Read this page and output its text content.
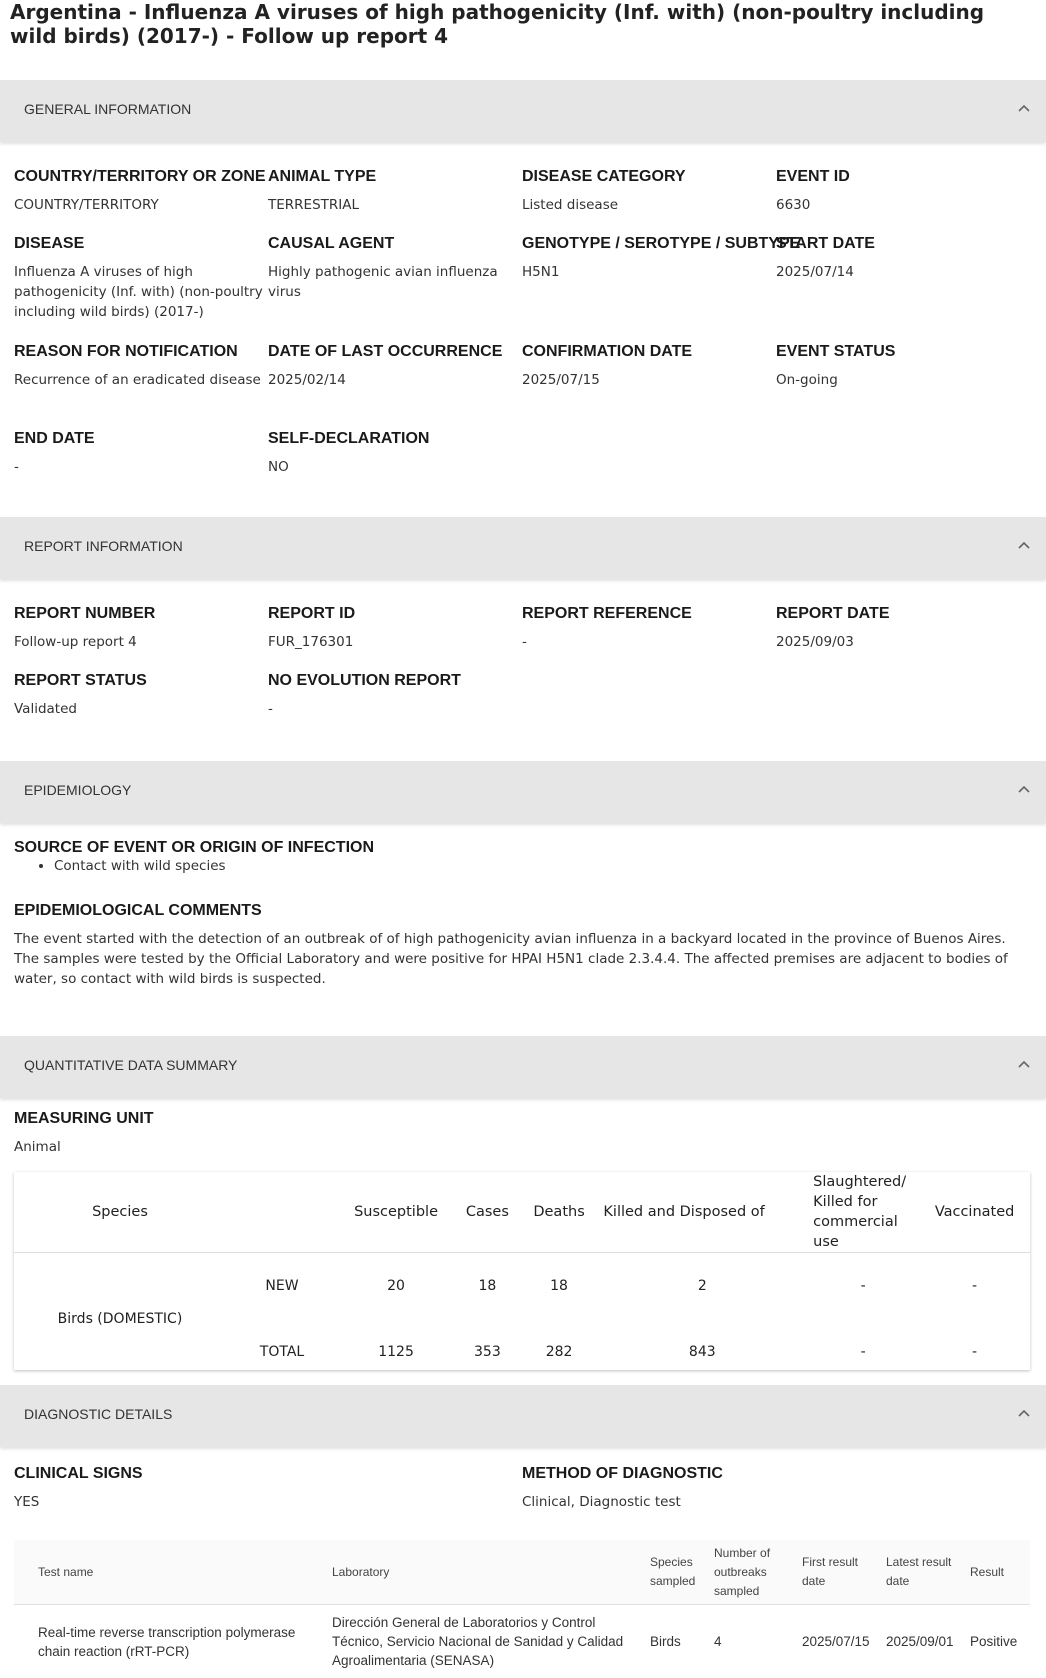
Argentina - Influenza A viruses of high pathogenicity (Inf. with) (non-poultry including wild birds) (2017-) - Follow up report 4
GENERAL INFORMATION
COUNTRY/TERRITORY OR ZONE
COUNTRY/TERRITORY
ANIMAL TYPE
TERRESTRIAL
DISEASE CATEGORY
Listed disease
EVENT ID
6630
DISEASE
Influenza A viruses of high pathogenicity (Inf. with) (non-poultry including wild birds) (2017-)
CAUSAL AGENT
Highly pathogenic avian influenza virus
GENOTYPE / SEROTYPE / SUBTYPE
H5N1
START DATE
2025/07/14
REASON FOR NOTIFICATION
Recurrence of an eradicated disease
DATE OF LAST OCCURRENCE
2025/02/14
CONFIRMATION DATE
2025/07/15
EVENT STATUS
On-going
END DATE
-
SELF-DECLARATION
NO
REPORT INFORMATION
REPORT NUMBER
Follow-up report 4
REPORT ID
FUR_176301
REPORT REFERENCE
-
REPORT DATE
2025/09/03
REPORT STATUS
Validated
NO EVOLUTION REPORT
-
EPIDEMIOLOGY
SOURCE OF EVENT OR ORIGIN OF INFECTION
• Contact with wild species
EPIDEMIOLOGICAL COMMENTS
The event started with the detection of an outbreak of of high pathogenicity avian influenza in a backyard located in the province of Buenos Aires. The samples were tested by the Official Laboratory and were positive for HPAI H5N1 clade 2.3.4.4. The affected premises are adjacent to bodies of water, so contact with wild birds is suspected.
QUANTITATIVE DATA SUMMARY
MEASURING UNIT
Animal
Species		Susceptible	Cases	Deaths	Killed and Disposed of	Slaughtered/ Killed for commercial use	Vaccinated
Birds (DOMESTIC)	NEW	20	18	18	2	-	-
	TOTAL	1125	353	282	843	-	-
DIAGNOSTIC DETAILS
CLINICAL SIGNS
YES
METHOD OF DIAGNOSTIC
Clinical, Diagnostic test
Test name	Laboratory	Species sampled	Number of outbreaks sampled	First result date	Latest result date	Result
Real-time reverse transcription polymerase chain reaction (rRT-PCR)	Dirección General de Laboratorios y Control Técnico, Servicio Nacional de Sanidad y Calidad Agroalimentaria (SENASA)	Birds	4	2025/07/15	2025/09/01	Positive
